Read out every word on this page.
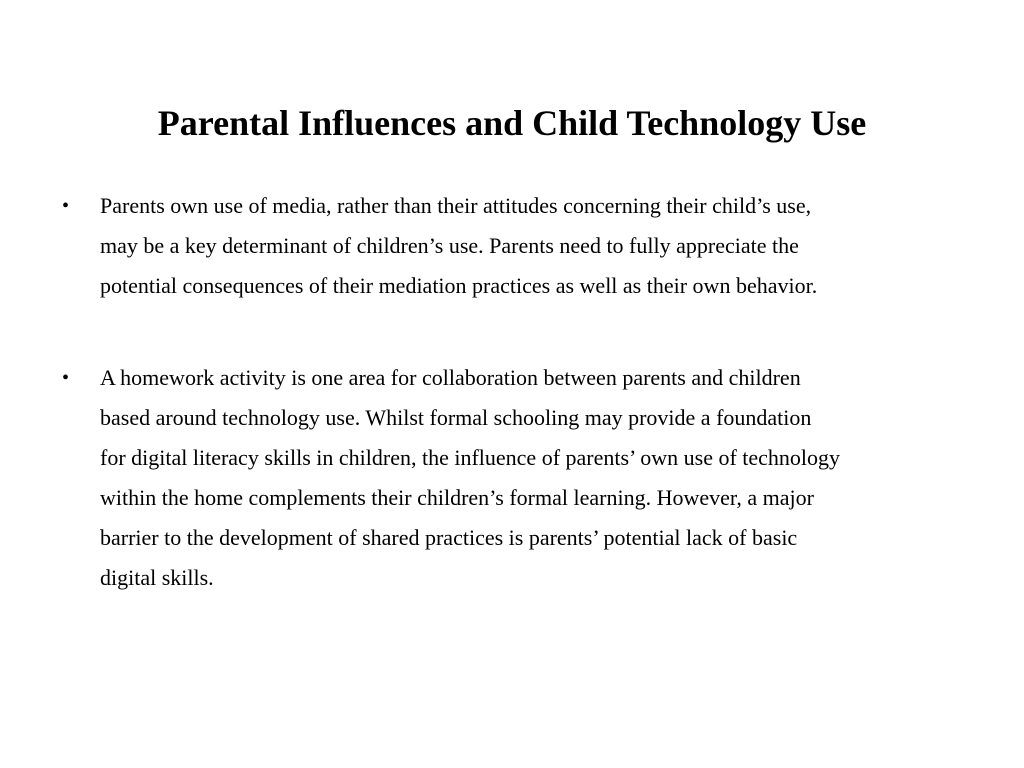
Parental Influences and Child Technology Use
• Parents own use of media, rather than their attitudes concerning their child’s use,
may be a key determinant of children’s use. Parents need to fully appreciate the
potential consequences of their mediation practices as well as their own behavior.
• A homework activity is one area for collaboration between parents and children
based around technology use. Whilst formal schooling may provide a foundation
for digital literacy skills in children, the influence of parents’ own use of technology
within the home complements their children’s formal learning. However, a major
barrier to the development of shared practices is parents’ potential lack of basic
digital skills.
